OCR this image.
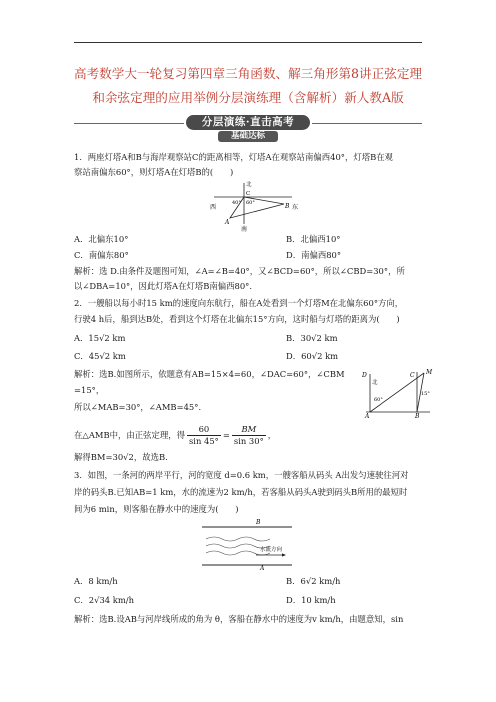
高考数学大一轮复习第四章三角函数、解三角形第8讲正弦定理
和余弦定理的应用举例分层演练理（含解析）新人教A版
分层演练·直击高考
基础达标
1．两座灯塔A和B与海岸观察站C的距离相等，灯塔A在观察站南偏西40°，灯塔B在观
察站南偏东60°，则灯塔A在灯塔B的(　　)
西	东
北
南
C
40° 60°
A
B
A．北偏东10°	B．北偏西10°
C．南偏东80°	D．南偏西80°
解析：选 D.由条件及题图可知，∠A=∠B=40°，又∠BCD=60°，所以∠CBD=30°，所
以∠DBA=10°，因此灯塔A在灯塔B南偏西80°.
2．一艘船以每小时15 km的速度向东航行，船在A处看到一个灯塔M在北偏东60°方向，
行驶4 h后，船到达B处，看到这个灯塔在北偏东15°方向，这时船与灯塔的距离为(　　)
A．15√2 km	B．30√2 km
C．45√2 km	D．60√2 km
解析：选B.如图所示，依题意有AB=15×4=60，∠DAC=60°，∠CBM
=15°，
所以∠MAB=30°，∠AMB=45°.
D
北
C M
60°
15°
A	B
在△AMB中，由正弦定理，得 $\frac{60}{\sin 45^\circ} = \frac{BM}{\sin 30^\circ}$ ，
解得BM=30√2，故选B.
3．如图，一条河的两岸平行，河的宽度 d=0.6 km，一艘客船从码头 A出发匀速驶往河对
岸的码头B.已知AB=1 km，水的流速为2 km/h，若客船从码头A驶到码头B所用的最短时
间为6 min，则客船在静水中的速度为(　　)
B
A
水流方向
A．8 km/h	B．6√2 km/h
C．2√34 km/h	D．10 km/h
解析：选B.设AB与河岸线所成的角为 θ，客船在静水中的速度为v km/h，由题意知，sin
